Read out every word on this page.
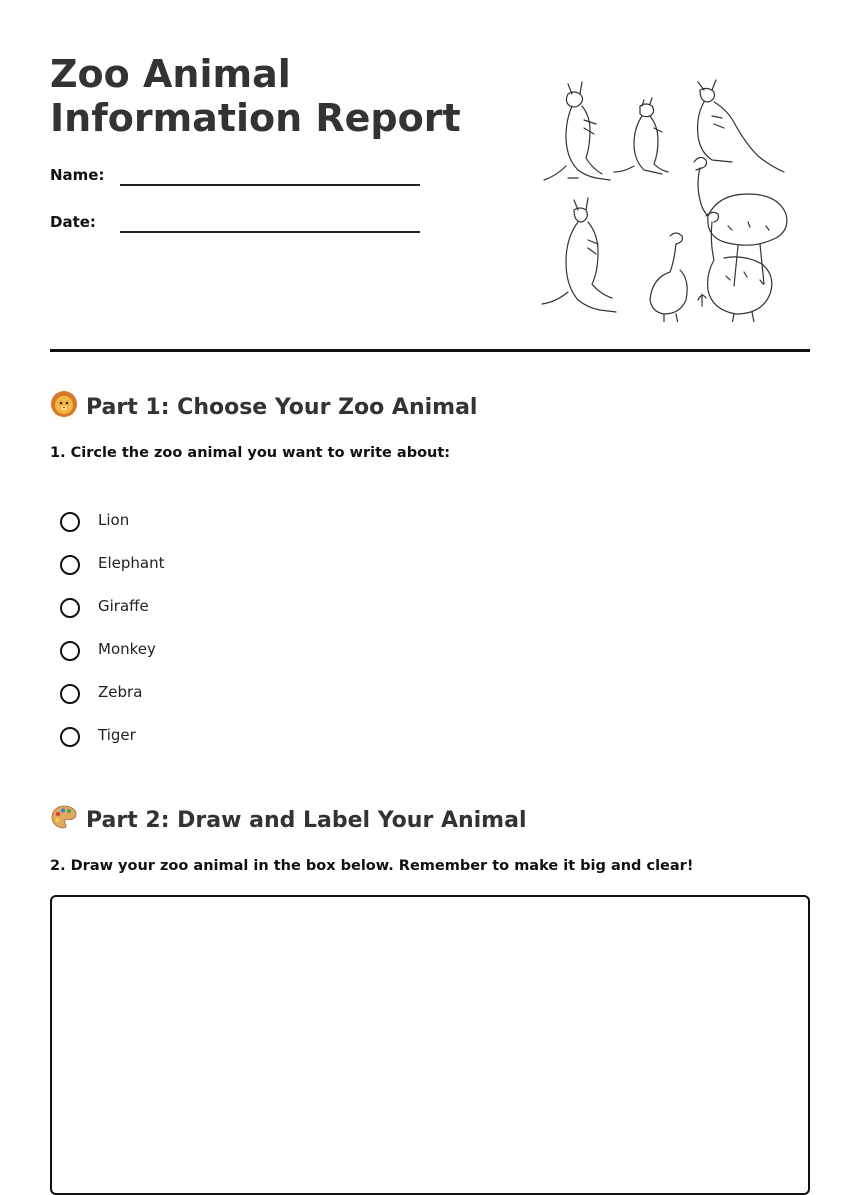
Zoo Animal Information Report
Name:
Date:
Part 1: Choose Your Zoo Animal

1. Circle the zoo animal you want to write about:

Lion
Elephant
Giraffe
Monkey
Zebra
Tiger
Part 2: Draw and Label Your Animal

2. Draw your zoo animal in the box below. Remember to make it big and clear!
